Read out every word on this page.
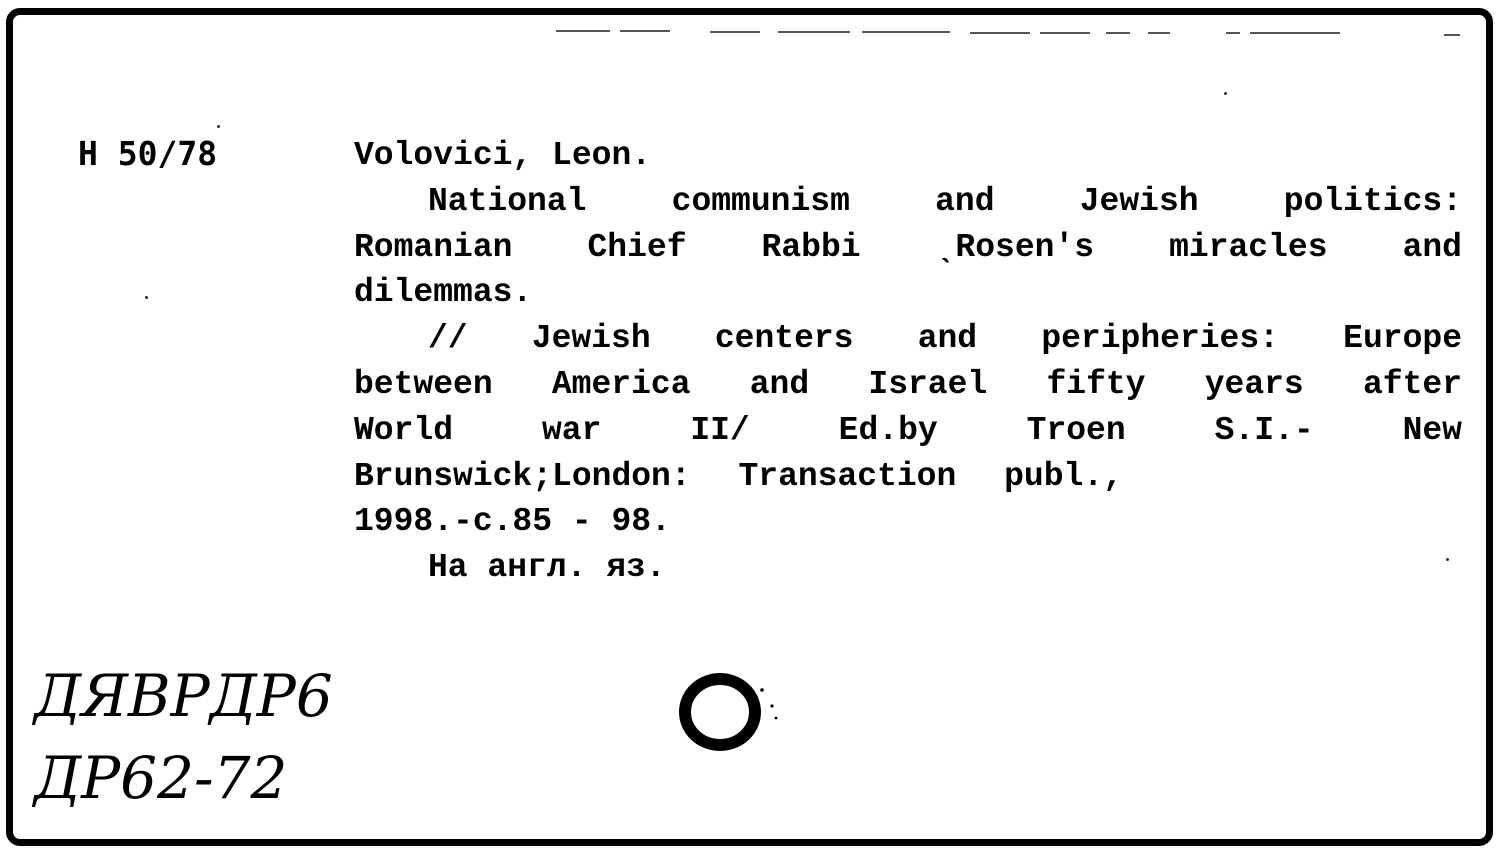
H 50/78	Volovici, Leon.
National communism and Jewish politics:
Romanian Chief Rabbi ˎRosen's miracles and
dilemmas.
// Jewish centers and peripheries: Europe
between America and Israel fifty years after
World war II/ Ed.by Troen S.I.- New
Brunswick;London: Transaction publ.,
1998.-c.85 - 98.
На англ. яз.
ДЯВРДР6
ДР62-72
